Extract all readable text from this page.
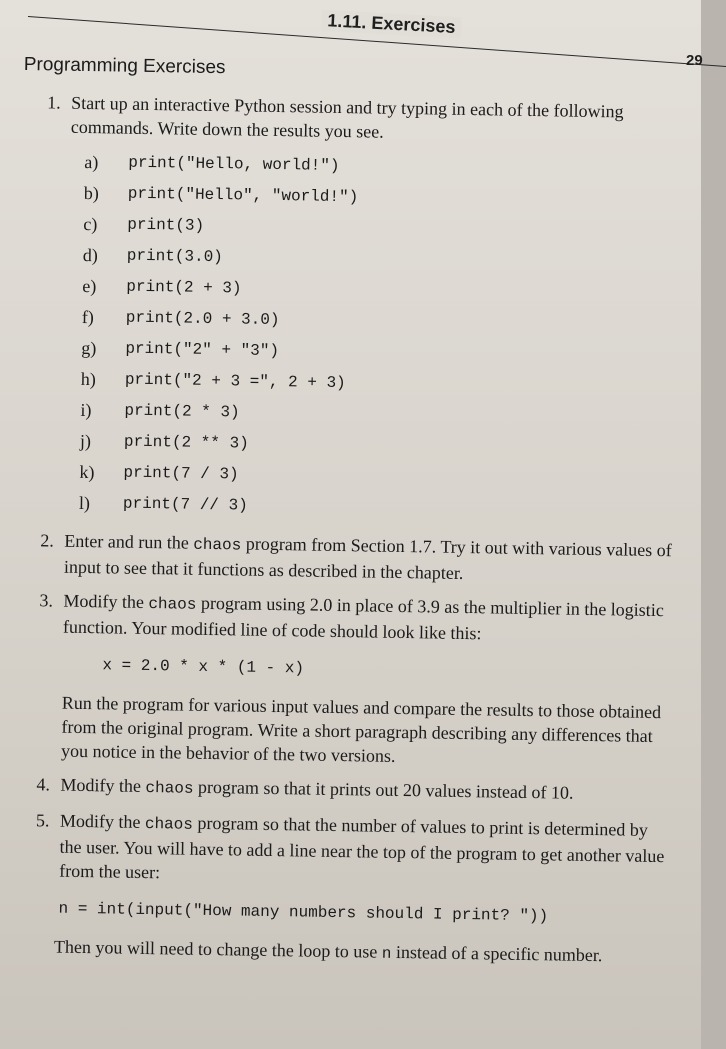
1.11. Exercises
29
Programming Exercises
1. Start up an interactive Python session and try typing in each of the following commands. Write down the results you see.

a) print("Hello, world!")
b) print("Hello", "world!")
c) print(3)
d) print(3.0)
e) print(2 + 3)
f) print(2.0 + 3.0)
g) print("2" + "3")
h) print("2 + 3 =", 2 + 3)
i) print(2 * 3)
j) print(2 ** 3)
k) print(7 / 3)
l) print(7 // 3)
2. Enter and run the chaos program from Section 1.7. Try it out with various values of input to see that it functions as described in the chapter.

3. Modify the chaos program using 2.0 in place of 3.9 as the multiplier in the logistic function. Your modified line of code should look like this:

x = 2.0 * x * (1 - x)

Run the program for various input values and compare the results to those obtained from the original program. Write a short paragraph describing any differences that you notice in the behavior of the two versions.

4. Modify the chaos program so that it prints out 20 values instead of 10.

5. Modify the chaos program so that the number of values to print is determined by the user. You will have to add a line near the top of the program to get another value from the user:

n = int(input("How many numbers should I print? "))

Then you will need to change the loop to use n instead of a specific number.
